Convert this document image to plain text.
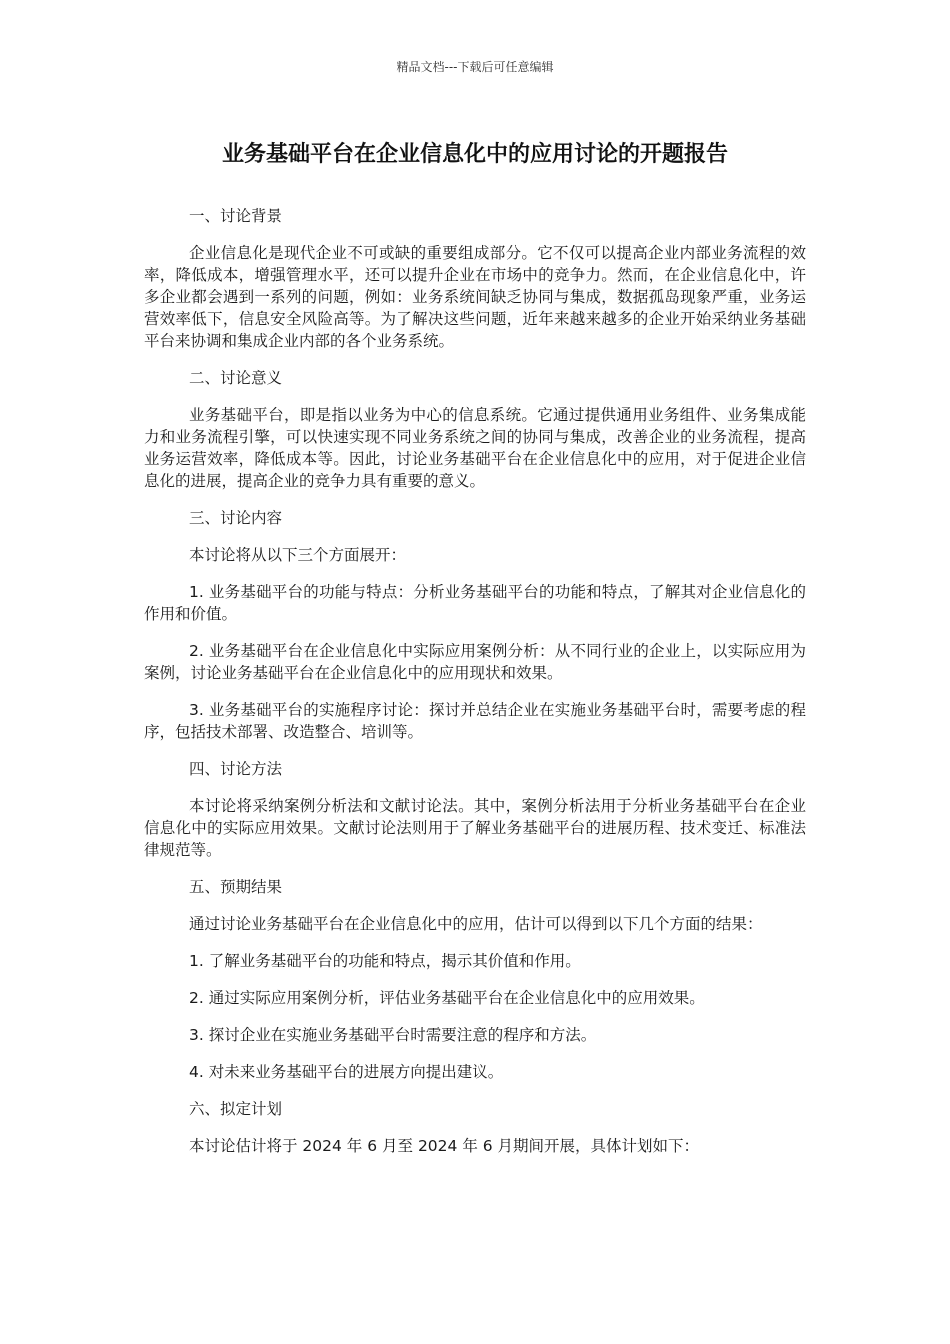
精品文档---下载后可任意编辑
业务基础平台在企业信息化中的应用讨论的开题报告

一、讨论背景

企业信息化是现代企业不可或缺的重要组成部分。它不仅可以提高企业内部业务流程的效率，降低成本，增强管理水平，还可以提升企业在市场中的竞争力。然而，在企业信息化中，许多企业都会遇到一系列的问题，例如：业务系统间缺乏协同与集成，数据孤岛现象严重，业务运营效率低下，信息安全风险高等。为了解决这些问题，近年来越来越多的企业开始采纳业务基础平台来协调和集成企业内部的各个业务系统。

二、讨论意义

业务基础平台，即是指以业务为中心的信息系统。它通过提供通用业务组件、业务集成能力和业务流程引擎，可以快速实现不同业务系统之间的协同与集成，改善企业的业务流程，提高业务运营效率，降低成本等。因此，讨论业务基础平台在企业信息化中的应用，对于促进企业信息化的进展，提高企业的竞争力具有重要的意义。

三、讨论内容

本讨论将从以下三个方面展开：

1. 业务基础平台的功能与特点：分析业务基础平台的功能和特点，了解其对企业信息化的作用和价值。

2. 业务基础平台在企业信息化中实际应用案例分析：从不同行业的企业上，以实际应用为案例，讨论业务基础平台在企业信息化中的应用现状和效果。

3. 业务基础平台的实施程序讨论：探讨并总结企业在实施业务基础平台时，需要考虑的程序，包括技术部署、改造整合、培训等。

四、讨论方法

本讨论将采纳案例分析法和文献讨论法。其中，案例分析法用于分析业务基础平台在企业信息化中的实际应用效果。文献讨论法则用于了解业务基础平台的进展历程、技术变迁、标准法律规范等。

五、预期结果

通过讨论业务基础平台在企业信息化中的应用，估计可以得到以下几个方面的结果：

1. 了解业务基础平台的功能和特点，揭示其价值和作用。

2. 通过实际应用案例分析，评估业务基础平台在企业信息化中的应用效果。

3. 探讨企业在实施业务基础平台时需要注意的程序和方法。

4. 对未来业务基础平台的进展方向提出建议。

六、拟定计划

本讨论估计将于 2024 年 6 月至 2024 年 6 月期间开展，具体计划如下：
